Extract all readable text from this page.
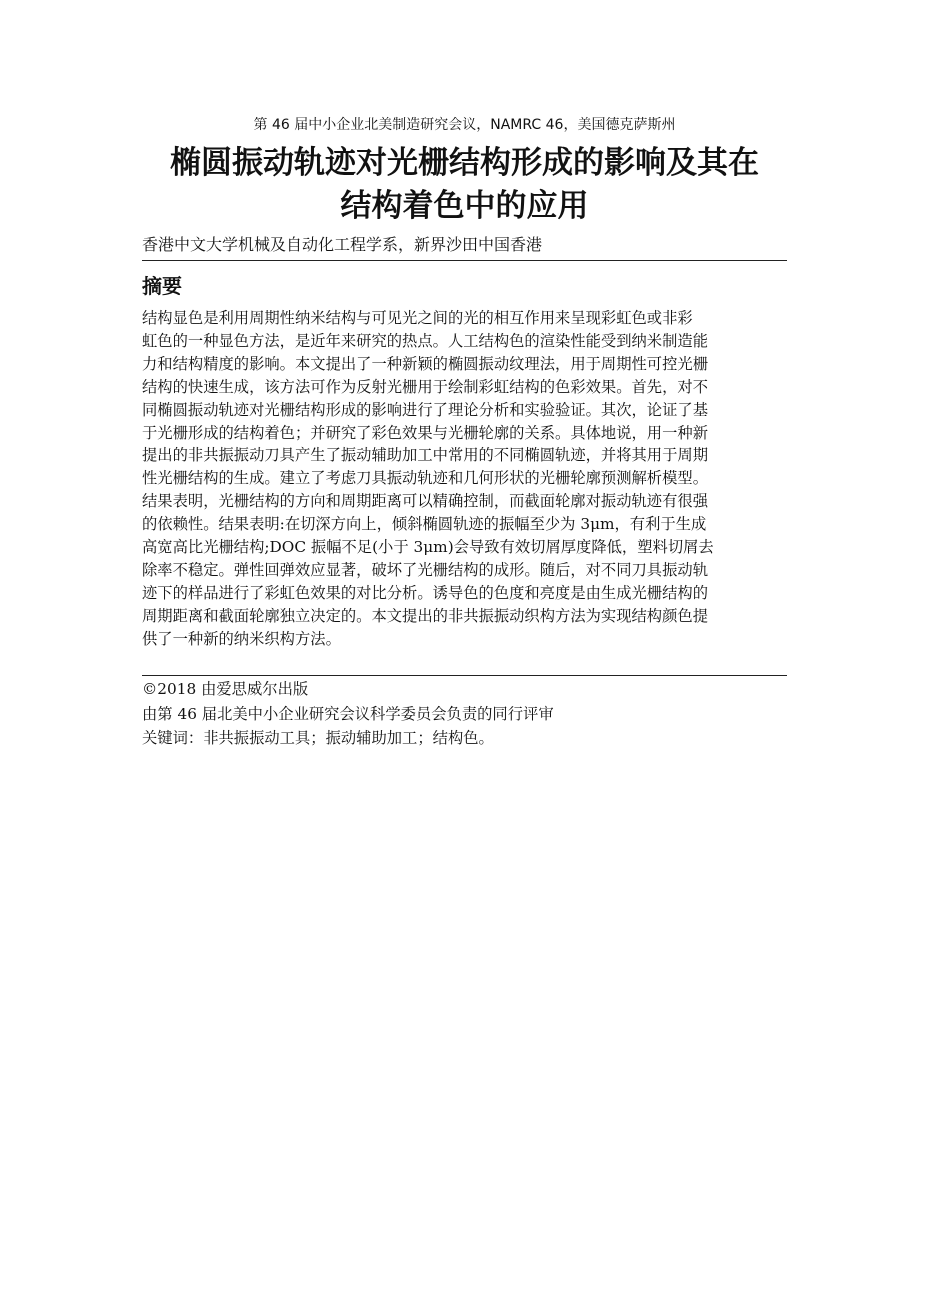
第 46 届中小企业北美制造研究会议，NAMRC 46，美国德克萨斯州
椭圆振动轨迹对光栅结构形成的影响及其在
结构着色中的应用
香港中文大学机械及自动化工程学系，新界沙田中国香港
摘要

结构显色是利用周期性纳米结构与可见光之间的光的相互作用来呈现彩虹色或非彩
虹色的一种显色方法，是近年来研究的热点。人工结构色的渲染性能受到纳米制造能
力和结构精度的影响。本文提出了一种新颖的椭圆振动纹理法，用于周期性可控光栅
结构的快速生成，该方法可作为反射光栅用于绘制彩虹结构的色彩效果。首先，对不
同椭圆振动轨迹对光栅结构形成的影响进行了理论分析和实验验证。其次，论证了基
于光栅形成的结构着色；并研究了彩色效果与光栅轮廓的关系。具体地说，用一种新
提出的非共振振动刀具产生了振动辅助加工中常用的不同椭圆轨迹，并将其用于周期
性光栅结构的生成。建立了考虑刀具振动轨迹和几何形状的光栅轮廓预测解析模型。
结果表明，光栅结构的方向和周期距离可以精确控制，而截面轮廓对振动轨迹有很强
的依赖性。结果表明:在切深方向上，倾斜椭圆轨迹的振幅至少为 3μm，有利于生成
高宽高比光栅结构;DOC 振幅不足(小于 3μm)会导致有效切屑厚度降低，塑料切屑去
除率不稳定。弹性回弹效应显著，破坏了光栅结构的成形。随后，对不同刀具振动轨
迹下的样品进行了彩虹色效果的对比分析。诱导色的色度和亮度是由生成光栅结构的
周期距离和截面轮廓独立决定的。本文提出的非共振振动织构方法为实现结构颜色提
供了一种新的纳米织构方法。

©2018 由爱思威尔出版
由第 46 届北美中小企业研究会议科学委员会负责的同行评审
关键词：非共振振动工具；振动辅助加工；结构色。
